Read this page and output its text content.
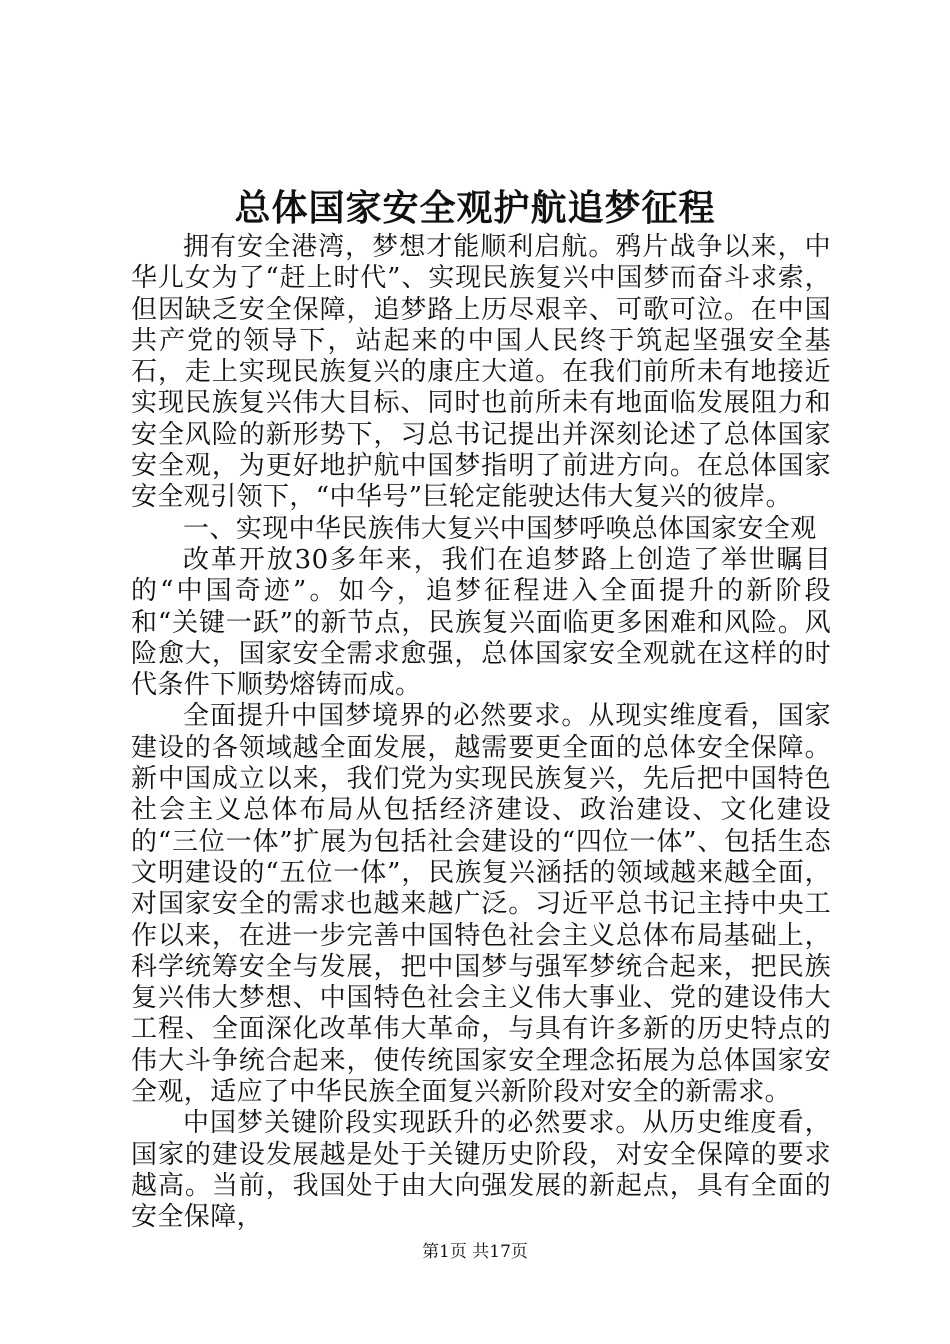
总体国家安全观护航追梦征程

拥有安全港湾，梦想才能顺利启航。鸦片战争以来，中华儿女为了“赶上时代”、实现民族复兴中国梦而奋斗求索，但因缺乏安全保障，追梦路上历尽艰辛、可歌可泣。在中国共产党的领导下，站起来的中国人民终于筑起坚强安全基石，走上实现民族复兴的康庄大道。在我们前所未有地接近实现民族复兴伟大目标、同时也前所未有地面临发展阻力和安全风险的新形势下，习总书记提出并深刻论述了总体国家安全观，为更好地护航中国梦指明了前进方向。在总体国家安全观引领下，“中华号”巨轮定能驶达伟大复兴的彼岸。

一、实现中华民族伟大复兴中国梦呼唤总体国家安全观

改革开放30多年来，我们在追梦路上创造了举世瞩目的“中国奇迹”。如今，追梦征程进入全面提升的新阶段和“关键一跃”的新节点，民族复兴面临更多困难和风险。风险愈大，国家安全需求愈强，总体国家安全观就在这样的时代条件下顺势熔铸而成。

全面提升中国梦境界的必然要求。从现实维度看，国家建设的各领域越全面发展，越需要更全面的总体安全保障。新中国成立以来，我们党为实现民族复兴，先后把中国特色社会主义总体布局从包括经济建设、政治建设、文化建设的“三位一体”扩展为包括社会建设的“四位一体”、包括生态文明建设的“五位一体”，民族复兴涵括的领域越来越全面，对国家安全的需求也越来越广泛。习近平总书记主持中央工作以来，在进一步完善中国特色社会主义总体布局基础上，科学统筹安全与发展，把中国梦与强军梦统合起来，把民族复兴伟大梦想、中国特色社会主义伟大事业、党的建设伟大工程、全面深化改革伟大革命，与具有许多新的历史特点的伟大斗争统合起来，使传统国家安全理念拓展为总体国家安全观，适应了中华民族全面复兴新阶段对安全的新需求。

中国梦关键阶段实现跃升的必然要求。从历史维度看，国家的建设发展越是处于关键历史阶段，对安全保障的要求越高。当前，我国处于由大向强发展的新起点，具有全面的安全保障，

第1页 共17页
